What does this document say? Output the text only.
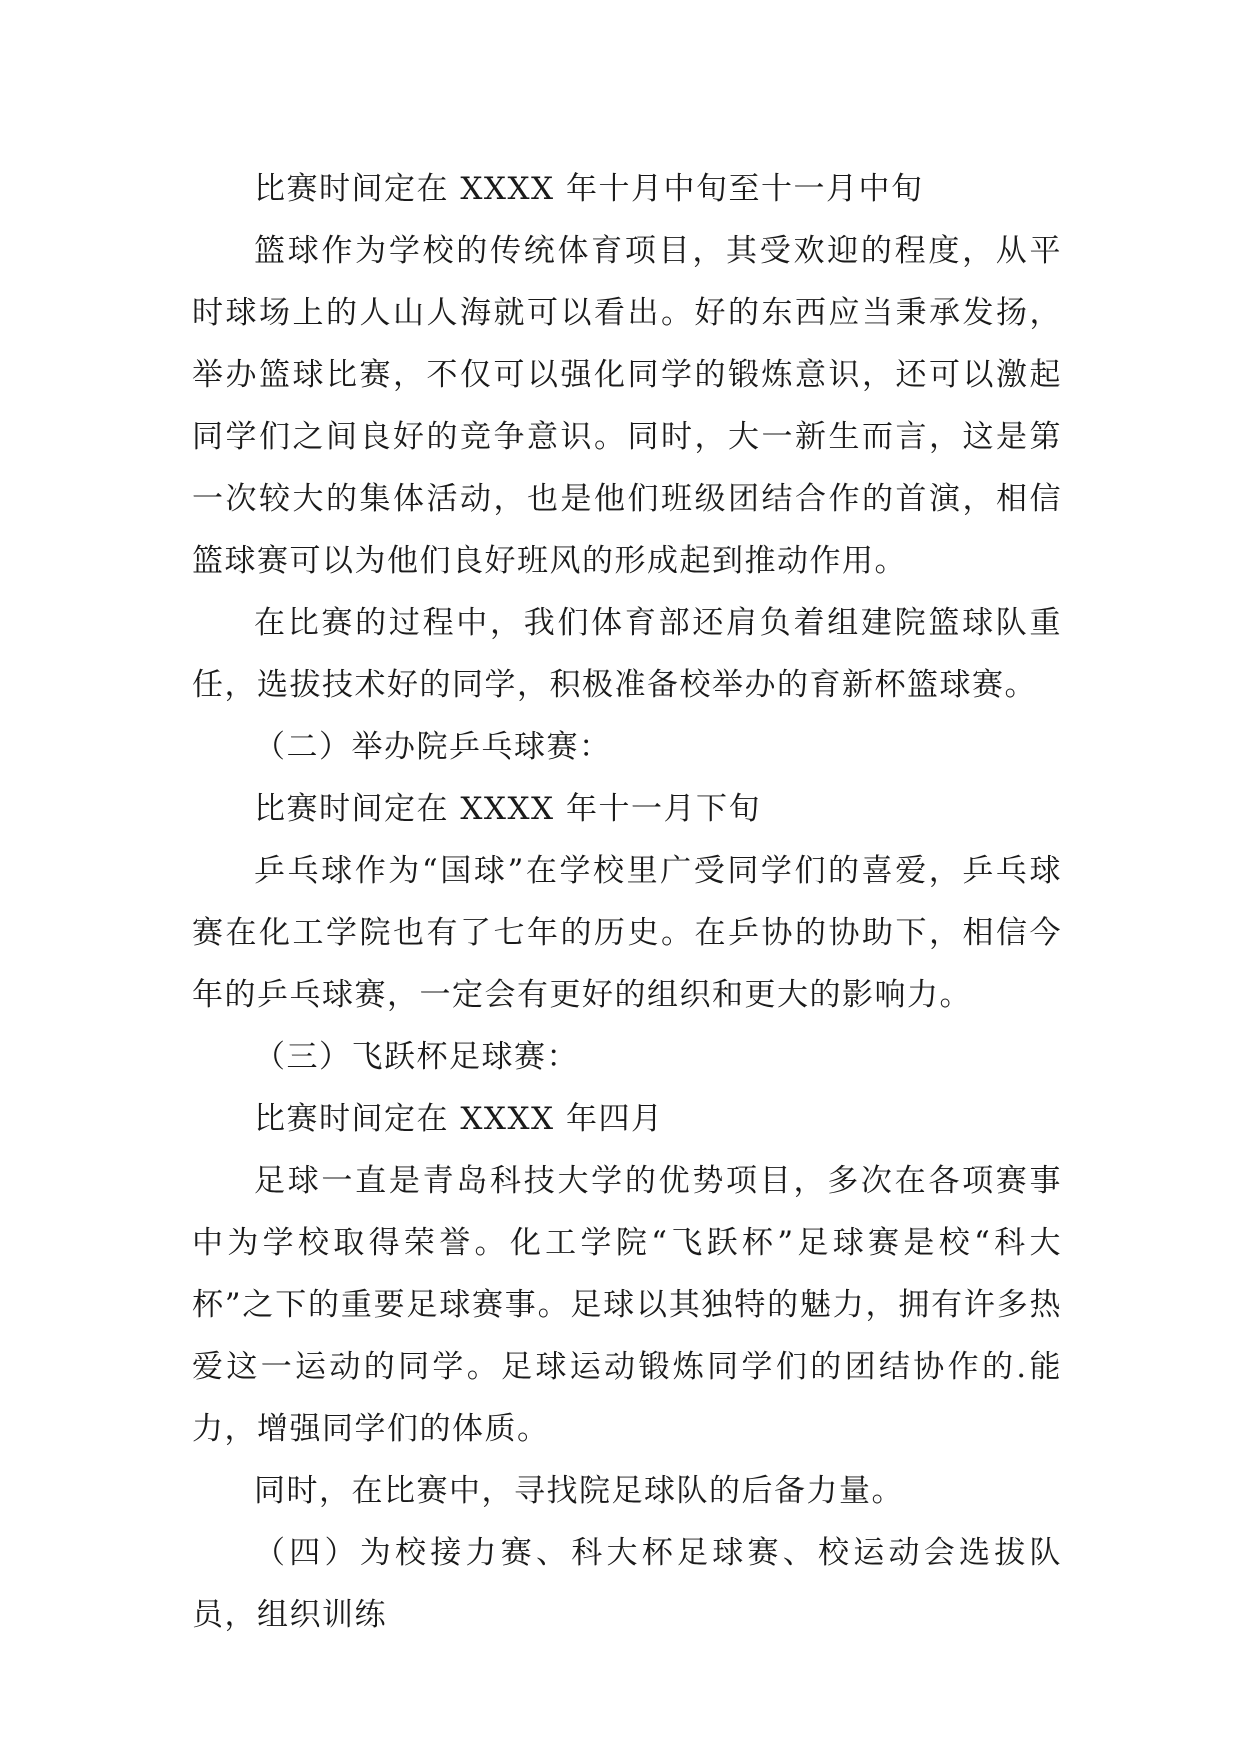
比赛时间定在 XXXX 年十月中旬至十一月中旬

篮球作为学校的传统体育项目，其受欢迎的程度，从平时球场上的人山人海就可以看出。好的东西应当秉承发扬，举办篮球比赛，不仅可以强化同学的锻炼意识，还可以激起同学们之间良好的竞争意识。同时，大一新生而言，这是第一次较大的集体活动，也是他们班级团结合作的首演，相信篮球赛可以为他们良好班风的形成起到推动作用。

在比赛的过程中，我们体育部还肩负着组建院篮球队重任，选拔技术好的同学，积极准备校举办的育新杯篮球赛。

（二）举办院乒乓球赛：

比赛时间定在 XXXX 年十一月下旬

乒乓球作为“国球”在学校里广受同学们的喜爱，乒乓球赛在化工学院也有了七年的历史。在乒协的协助下，相信今年的乒乓球赛，一定会有更好的组织和更大的影响力。

（三）飞跃杯足球赛：

比赛时间定在 XXXX 年四月

足球一直是青岛科技大学的优势项目，多次在各项赛事中为学校取得荣誉。化工学院“飞跃杯”足球赛是校“科大杯”之下的重要足球赛事。足球以其独特的魅力，拥有许多热爱这一运动的同学。足球运动锻炼同学们的团结协作的.能力，增强同学们的体质。

同时，在比赛中，寻找院足球队的后备力量。

（四）为校接力赛、科大杯足球赛、校运动会选拔队员，组织训练
